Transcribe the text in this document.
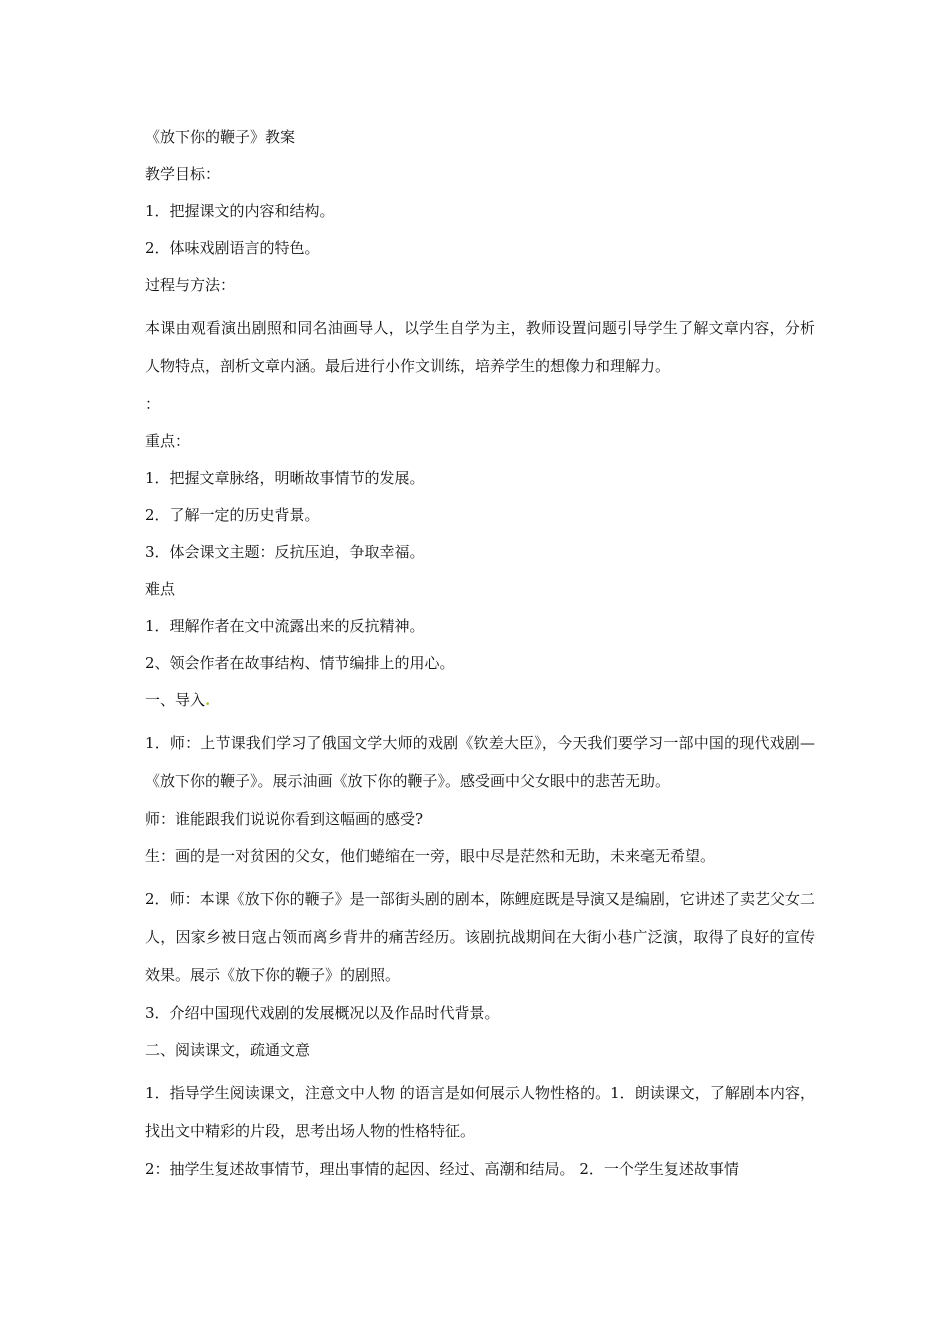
《放下你的鞭子》教案
教学目标：
1．把握课文的内容和结构。
2．体味戏剧语言的特色。
过程与方法：
本课由观看演出剧照和同名油画导人，以学生自学为主，教师设置问题引导学生了解文章内容，分析人物特点，剖析文章内涵。最后进行小作文训练，培养学生的想像力和理解力。
：
重点：
1．把握文章脉络，明晰故事情节的发展。
2．了解一定的历史背景。
3．体会课文主题：反抗压迫，争取幸福。
难点
1．理解作者在文中流露出来的反抗精神。
2、领会作者在故事结构、情节编排上的用心。
一、导入.
1．师：上节课我们学习了俄国文学大师的戏剧《钦差大臣》，今天我们要学习一部中国的现代戏剧—《放下你的鞭子》。展示油画《放下你的鞭子》。感受画中父女眼中的悲苦无助。
师：谁能跟我们说说你看到这幅画的感受?
生：画的是一对贫困的父女，他们蜷缩在一旁，眼中尽是茫然和无助，未来毫无希望。
2．师：本课《放下你的鞭子》是一部街头剧的剧本，陈鲤庭既是导演又是编剧，它讲述了卖艺父女二人，因家乡被日寇占领而离乡背井的痛苦经历。该剧抗战期间在大街小巷广泛演，取得了良好的宣传效果。展示《放下你的鞭子》的剧照。
3．介绍中国现代戏剧的发展概况以及作品时代背景。
二、阅读课文，疏通文意
1．指导学生阅读课文，注意文中人物 的语言是如何展示人物性格的。1．朗读课文，了解剧本内容，找出文中精彩的片段，思考出场人物的性格特征。
2：抽学生复述故事情节，理出事情的起因、经过、高潮和结局。 2．一个学生复述故事情
